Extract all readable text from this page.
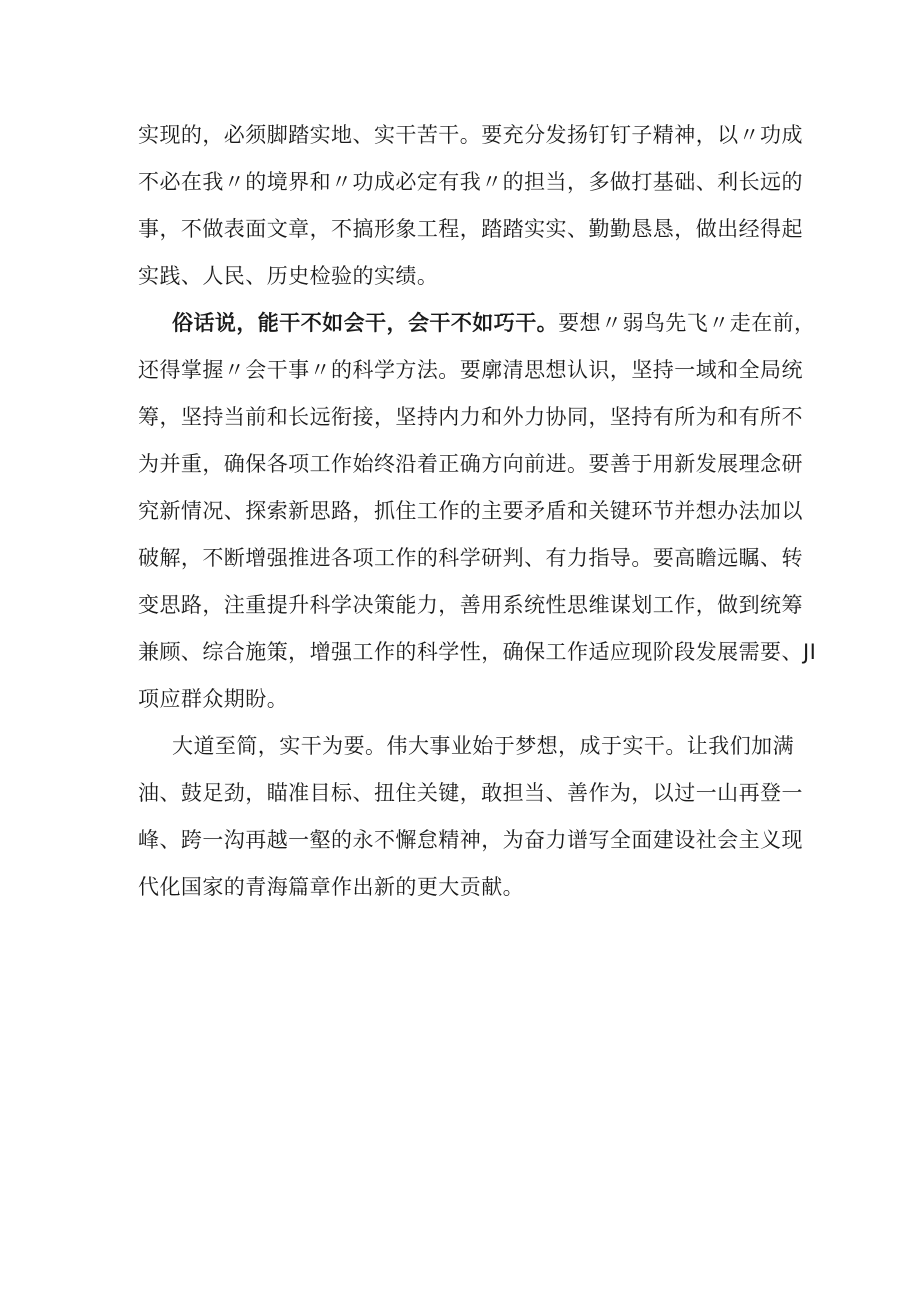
实现的，必须脚踏实地、实干苦干。要充分发扬钉钉子精神，以〃功成
不必在我〃的境界和〃功成必定有我〃的担当，多做打基础、利长远的
事，不做表面文章，不搞形象工程，踏踏实实、勤勤恳恳，做出经得起
实践、人民、历史检验的实绩。
俗话说，能干不如会干，会干不如巧干。要想〃弱鸟先飞〃走在前，
还得掌握〃会干事〃的科学方法。要廓清思想认识，坚持一域和全局统
筹，坚持当前和长远衔接，坚持内力和外力协同，坚持有所为和有所不
为并重，确保各项工作始终沿着正确方向前进。要善于用新发展理念研
究新情况、探索新思路，抓住工作的主要矛盾和关键环节并想办法加以
破解，不断增强推进各项工作的科学研判、有力指导。要高瞻远瞩、转
变思路，注重提升科学决策能力，善用系统性思维谋划工作，做到统筹
兼顾、综合施策，增强工作的科学性，确保工作适应现阶段发展需要、JI
项应群众期盼。
大道至简，实干为要。伟大事业始于梦想，成于实干。让我们加满
油、鼓足劲，瞄准目标、扭住关键，敢担当、善作为，以过一山再登一
峰、跨一沟再越一壑的永不懈怠精神，为奋力谱写全面建设社会主义现
代化国家的青海篇章作出新的更大贡献。
